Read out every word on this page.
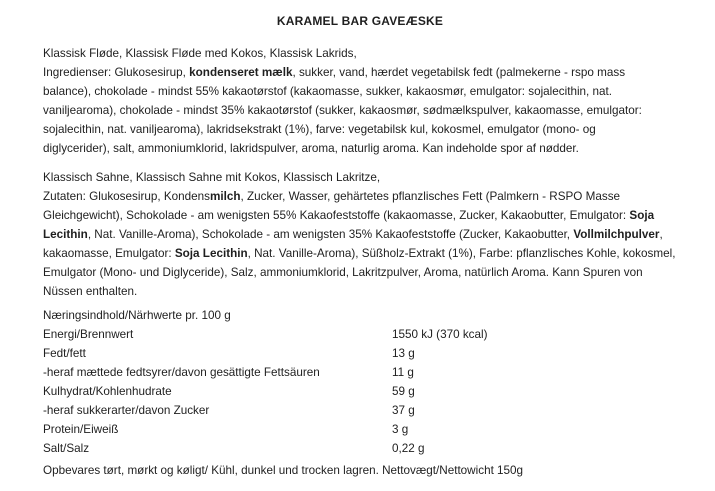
KARAMEL BAR GAVEÆSKE
Klassisk Fløde, Klassisk Fløde med Kokos, Klassisk Lakrids,
Ingredienser: Glukosesirup, kondenseret mælk, sukker, vand, hærdet vegetabilsk fedt (palmekerne - rspo mass
balance), chokolade - mindst 55% kakaotørstof (kakaomasse, sukker, kakaosmør, emulgator: sojalecithin, nat.
vaniljearoma), chokolade - mindst 35% kakaotørstof (sukker, kakaosmør, sødmælkspulver, kakaomasse, emulgator:
sojalecithin, nat. vaniljearoma), lakridsekstrakt (1%), farve: vegetabilsk kul, kokosmel, emulgator (mono- og
diglycerider), salt, ammoniumklorid, lakridspulver, aroma, naturlig aroma. Kan indeholde spor af nødder.
Klassisch Sahne, Klassisch Sahne mit Kokos, Klassisch Lakritze,
Zutaten: Glukosesirup, Kondensmilch, Zucker, Wasser, gehärtetes pflanzlisches Fett (Palmkern - RSPO Masse
Gleichgewicht), Schokolade - am wenigsten 55% Kakaofeststoffe (kakaomasse, Zucker, Kakaobutter, Emulgator: Soja
Lecithin, Nat. Vanille-Aroma), Schokolade - am wenigsten 35% Kakaofeststoffe (Zucker, Kakaobutter, Vollmilchpulver,
kakaomasse, Emulgator: Soja Lecithin, Nat. Vanille-Aroma), Süßholz-Extrakt (1%), Farbe: pflanzlisches Kohle, kokosmel,
Emulgator (Mono- und Diglyceride), Salz, ammoniumklorid, Lakritzpulver, Aroma, natürlich Aroma. Kann Spuren von
Nüssen enthalten.
Næringsindhold/Närhwerte pr. 100 g
Energi/Brennwert	1550 kJ (370 kcal)
Fedt/fett	13 g
-heraf mættede fedtsyrer/davon gesättigte Fettsäuren	11 g
Kulhydrat/Kohlenhudrate	59 g
-heraf sukkerarter/davon Zucker	37 g
Protein/Eiweiß	3 g
Salt/Salz	0,22 g
Opbevares tørt, mørkt og køligt/ Kühl, dunkel und trocken lagren. Nettovægt/Nettowicht 150g
